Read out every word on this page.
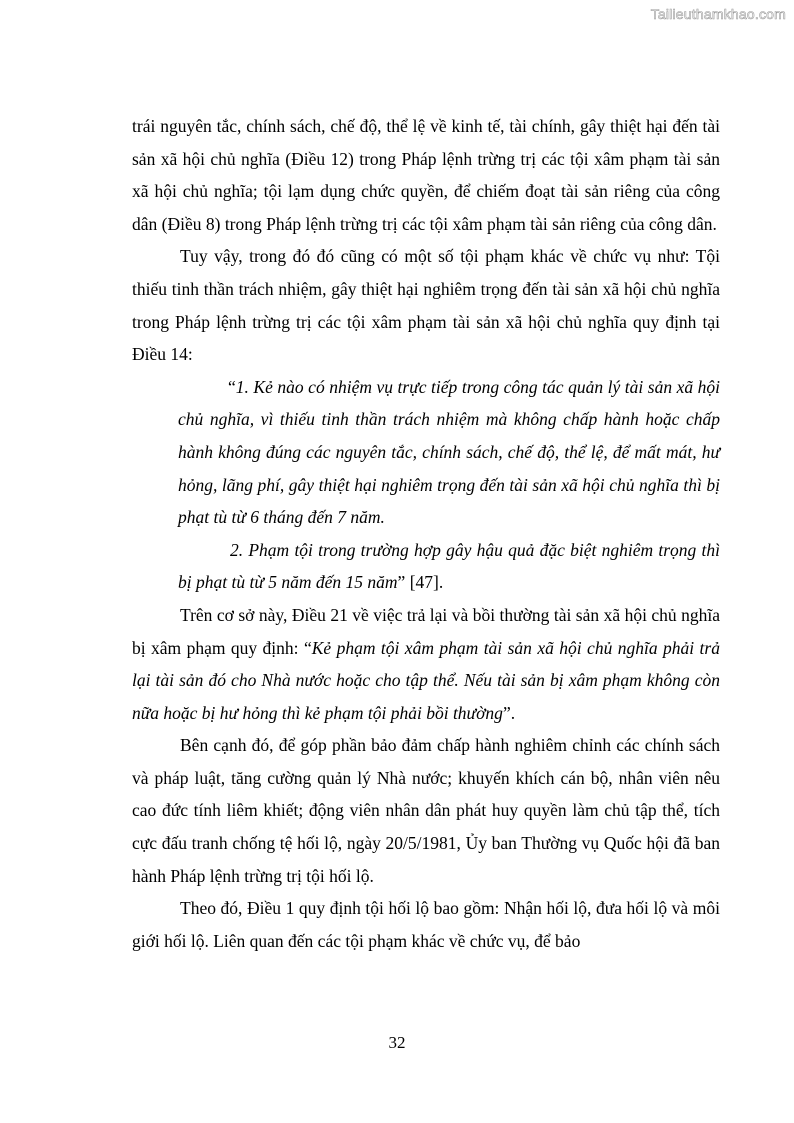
Tailieuthamkhao.com

trái nguyên tắc, chính sách, chế độ, thể lệ về kinh tế, tài chính, gây thiệt hại đến tài sản xã hội chủ nghĩa (Điều 12) trong Pháp lệnh trừng trị các tội xâm phạm tài sản xã hội chủ nghĩa; tội lạm dụng chức quyền, để chiếm đoạt tài sản riêng của công dân (Điều 8) trong Pháp lệnh trừng trị các tội xâm phạm tài sản riêng của công dân.

Tuy vậy, trong đó đó cũng có một số tội phạm khác về chức vụ như: Tội thiếu tinh thần trách nhiệm, gây thiệt hại nghiêm trọng đến tài sản xã hội chủ nghĩa trong Pháp lệnh trừng trị các tội xâm phạm tài sản xã hội chủ nghĩa quy định tại Điều 14:

“1. Kẻ nào có nhiệm vụ trực tiếp trong công tác quản lý tài sản xã hội chủ nghĩa, vì thiếu tinh thần trách nhiệm mà không chấp hành hoặc chấp hành không đúng các nguyên tắc, chính sách, chế độ, thể lệ, để mất mát, hư hỏng, lãng phí, gây thiệt hại nghiêm trọng đến tài sản xã hội chủ nghĩa thì bị phạt tù từ 6 tháng đến 7 năm.

2. Phạm tội trong trường hợp gây hậu quả đặc biệt nghiêm trọng thì bị phạt tù từ 5 năm đến 15 năm” [47].

Trên cơ sở này, Điều 21 về việc trả lại và bồi thường tài sản xã hội chủ nghĩa bị xâm phạm quy định: “Kẻ phạm tội xâm phạm tài sản xã hội chủ nghĩa phải trả lại tài sản đó cho Nhà nước hoặc cho tập thể. Nếu tài sản bị xâm phạm không còn nữa hoặc bị hư hỏng thì kẻ phạm tội phải bồi thường”.

Bên cạnh đó, để góp phần bảo đảm chấp hành nghiêm chỉnh các chính sách và pháp luật, tăng cường quản lý Nhà nước; khuyến khích cán bộ, nhân viên nêu cao đức tính liêm khiết; động viên nhân dân phát huy quyền làm chủ tập thể, tích cực đấu tranh chống tệ hối lộ, ngày 20/5/1981, Ủy ban Thường vụ Quốc hội đã ban hành Pháp lệnh trừng trị tội hối lộ.

Theo đó, Điều 1 quy định tội hối lộ bao gồm: Nhận hối lộ, đưa hối lộ và môi giới hối lộ. Liên quan đến các tội phạm khác về chức vụ, để bảo

32
